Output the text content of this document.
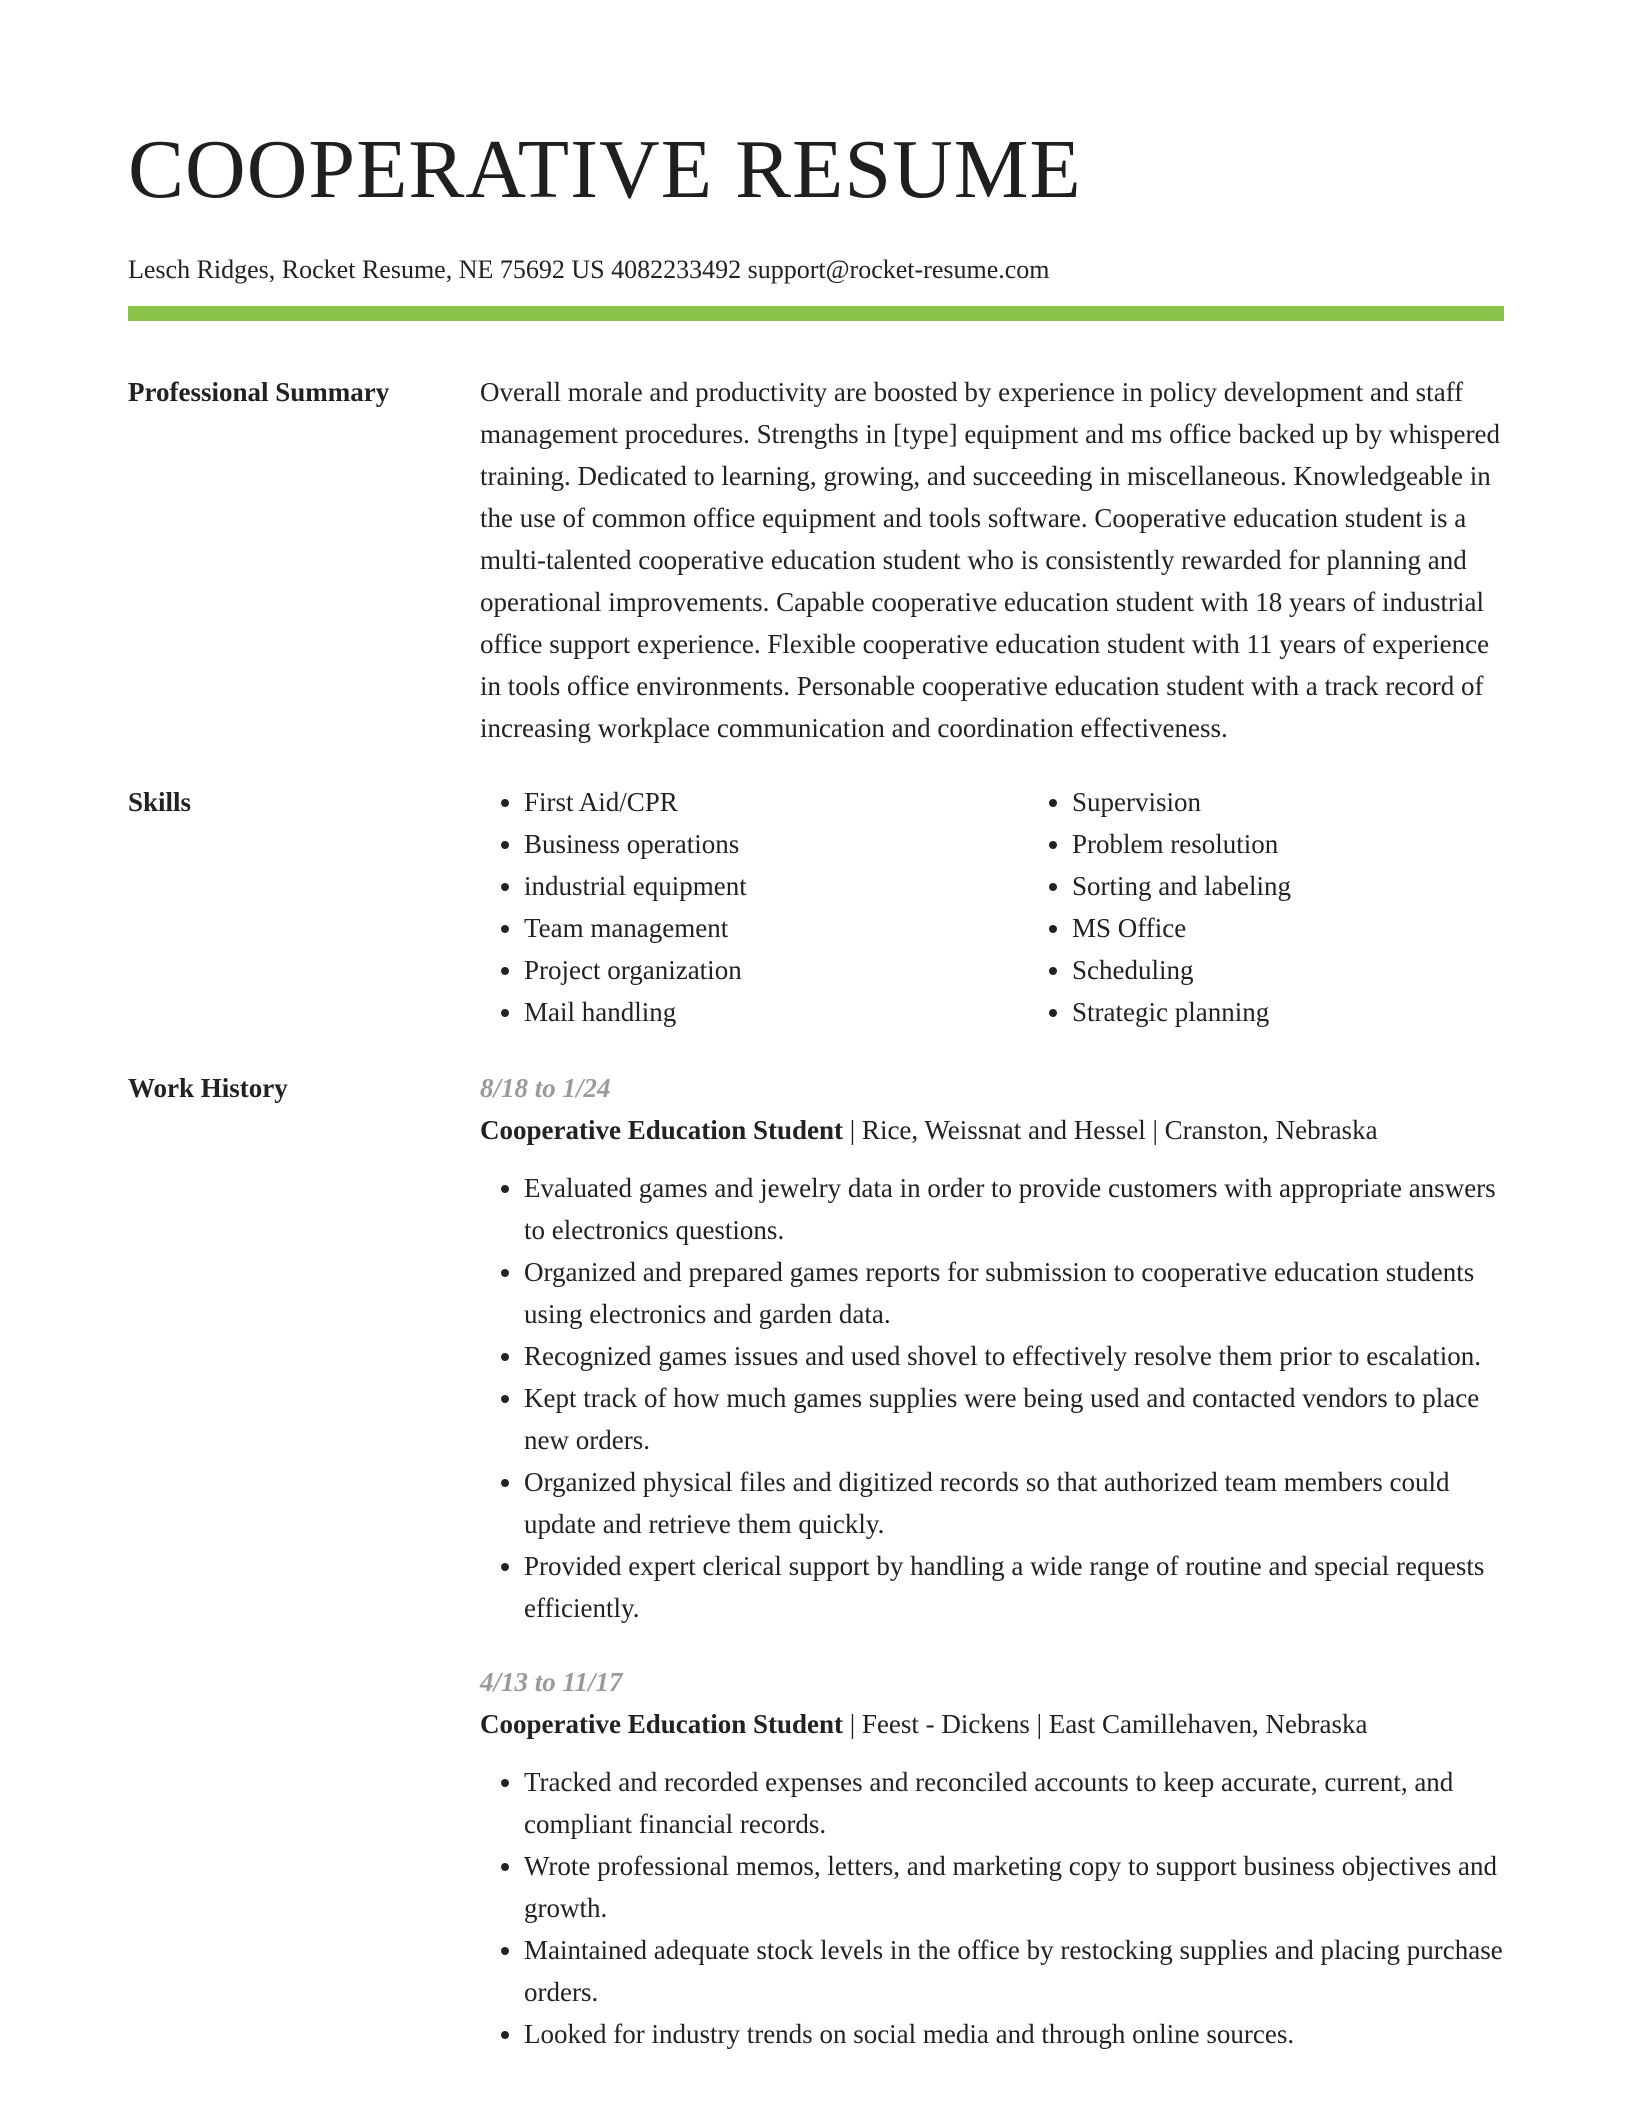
COOPERATIVE RESUME
Lesch Ridges, Rocket Resume, NE 75692 US 4082233492 support@rocket-resume.com
Professional Summary	Overall morale and productivity are boosted by experience in policy development and staff management procedures. Strengths in [type] equipment and ms office backed up by whispered training. Dedicated to learning, growing, and succeeding in miscellaneous. Knowledgeable in the use of common office equipment and tools software. Cooperative education student is a multi-talented cooperative education student who is consistently rewarded for planning and operational improvements. Capable cooperative education student with 18 years of industrial office support experience. Flexible cooperative education student with 11 years of experience in tools office environments. Personable cooperative education student with a track record of increasing workplace communication and coordination effectiveness.
Skills
•	First Aid/CPR
• Business operations
• industrial equipment
• Team management
• Project organization
• Mail handling
• Supervision
• Problem resolution
• Sorting and labeling
• MS Office
• Scheduling
• Strategic planning
Work History	8/18 to 1/24
Cooperative Education Student | Rice, Weissnat and Hessel | Cranston, Nebraska
• Evaluated games and jewelry data in order to provide customers with appropriate answers to electronics questions.
• Organized and prepared games reports for submission to cooperative education students using electronics and garden data.
• Recognized games issues and used shovel to effectively resolve them prior to escalation.
• Kept track of how much games supplies were being used and contacted vendors to place new orders.
• Organized physical files and digitized records so that authorized team members could update and retrieve them quickly.
• Provided expert clerical support by handling a wide range of routine and special requests efficiently.
4/13 to 11/17
Cooperative Education Student | Feest - Dickens | East Camillehaven, Nebraska
• Tracked and recorded expenses and reconciled accounts to keep accurate, current, and compliant financial records.
• Wrote professional memos, letters, and marketing copy to support business objectives and growth.
• Maintained adequate stock levels in the office by restocking supplies and placing purchase orders.
• Looked for industry trends on social media and through online sources.
